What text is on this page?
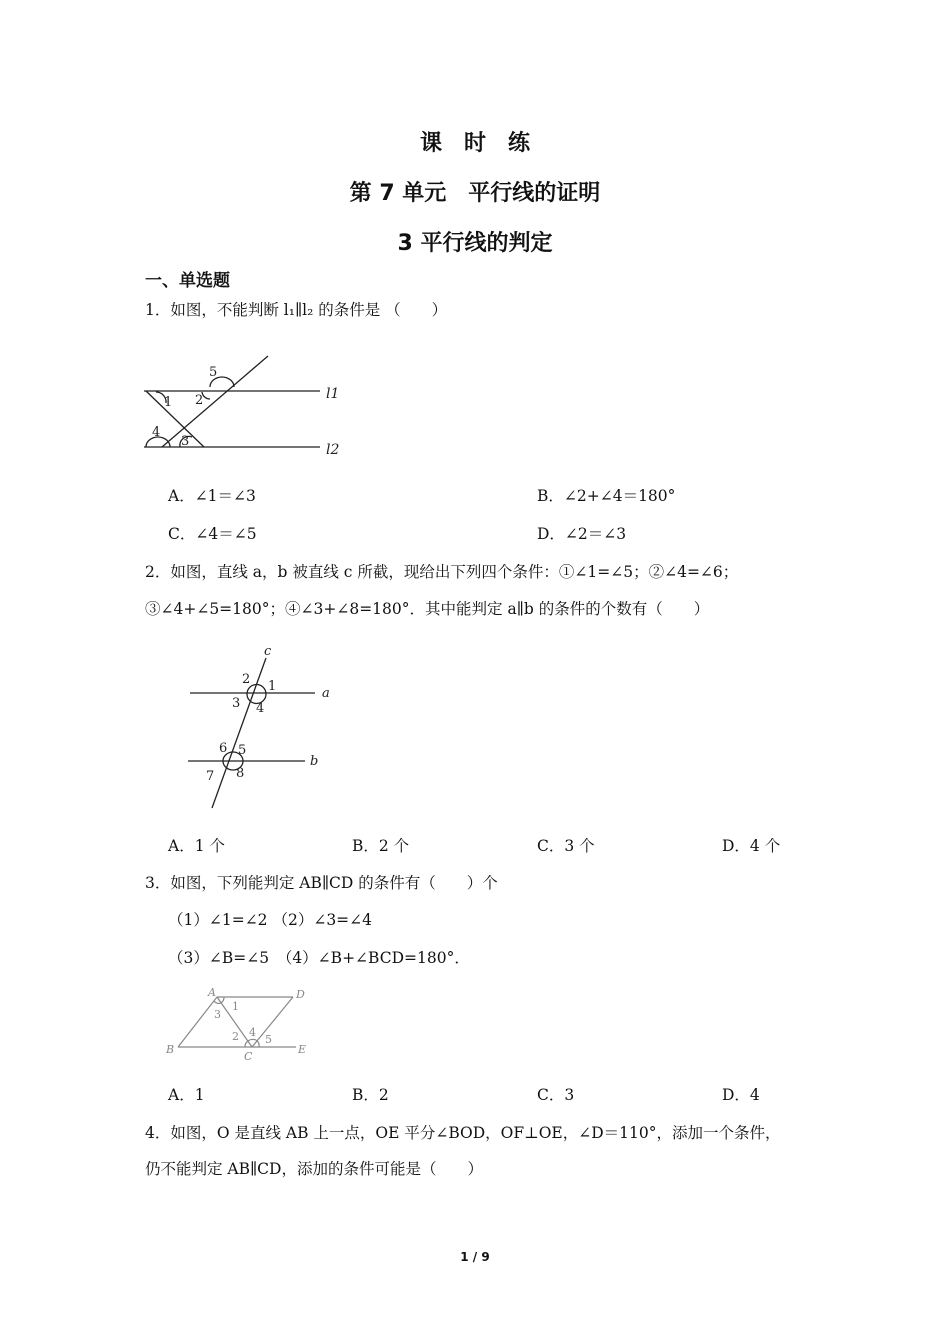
课　时　练
第 7 单元　平行线的证明
3 平行线的判定
一、单选题
1．如图，不能判断 l₁∥l₂ 的条件是 （　　）
5
1 2
4
3
l1
l2
A．∠1＝∠3	B．∠2+∠4＝180°
C．∠4＝∠5	D．∠2＝∠3
2．如图，直线 a，b 被直线 c 所截，现给出下列四个条件：①∠1=∠5；②∠4=∠6；
③∠4+∠5=180°；④∠3+∠8=180°．其中能判定 a∥b 的条件的个数有（　　）
c
2 1	a
3 4
6 5
b
7 8
A．1 个	B．2 个	C．3 个	D．4 个
3．如图，下列能判定 AB∥CD 的条件有（　　）个
（1）∠1=∠2 （2）∠3=∠4
（3）∠B=∠5　（4）∠B+∠BCD=180°．
A
1
D
3
2 4
5
B
C
E
A．1	B．2	C．3	D．4
4．如图，O 是直线 AB 上一点，OE 平分∠BOD，OF⊥OE，∠D＝110°，添加一个条件，
仍不能判定 AB∥CD，添加的条件可能是（　　）
1 / 9
